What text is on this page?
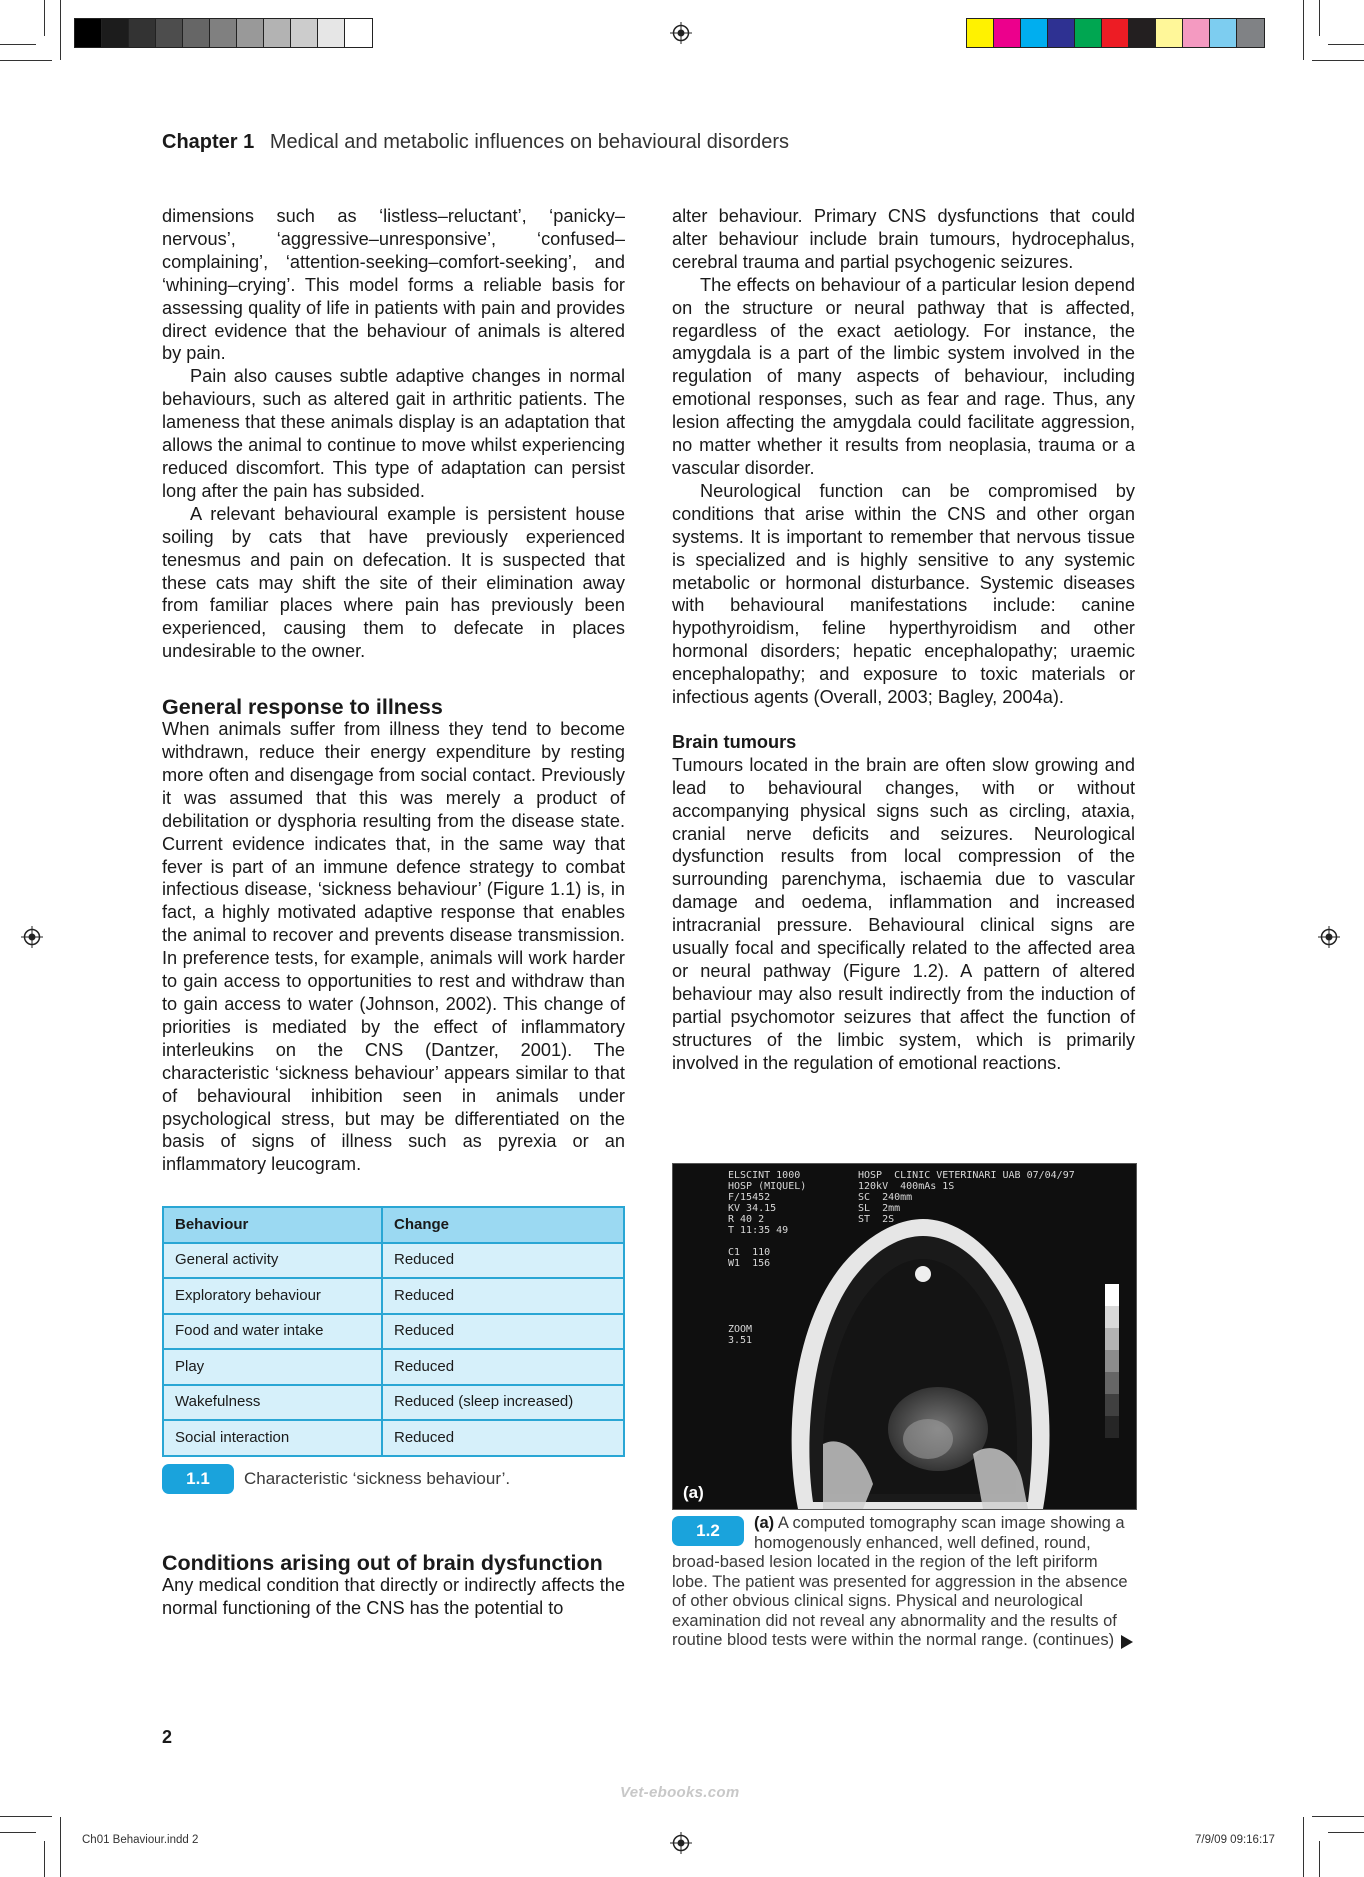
Chapter 1 Medical and metabolic influences on behavioural disorders

dimensions such as ‘listless–reluctant’, ‘panicky–nervous’, ‘aggressive–unresponsive’, ‘confused–complaining’, ‘attention-seeking–comfort-seeking’, and ‘whining–crying’. This model forms a reliable basis for assessing quality of life in patients with pain and provides direct evidence that the behaviour of animals is altered by pain.

Pain also causes subtle adaptive changes in normal behaviours, such as altered gait in arthritic patients. The lameness that these animals display is an adaptation that allows the animal to continue to move whilst experiencing reduced discomfort. This type of adaptation can persist long after the pain has subsided.

A relevant behavioural example is persistent house soiling by cats that have previously experienced tenesmus and pain on defecation. It is suspected that these cats may shift the site of their elimination away from familiar places where pain has previously been experienced, causing them to defecate in places undesirable to the owner.

General response to illness

When animals suffer from illness they tend to become withdrawn, reduce their energy expenditure by resting more often and disengage from social contact. Previously it was assumed that this was merely a product of debilitation or dysphoria resulting from the disease state. Current evidence indicates that, in the same way that fever is part of an immune defence strategy to combat infectious disease, ‘sickness behaviour’ (Figure 1.1) is, in fact, a highly motivated adaptive response that enables the animal to recover and prevents disease transmission. In preference tests, for example, animals will work harder to gain access to opportunities to rest and withdraw than to gain access to water (Johnson, 2002). This change of priorities is mediated by the effect of inflammatory interleukins on the CNS (Dantzer, 2001). The characteristic ‘sickness behaviour’ appears similar to that of behavioural inhibition seen in animals under psychological stress, but may be differentiated on the basis of signs of illness such as pyrexia or an inflammatory leucogram.

Behaviour	Change
General activity	Reduced
Exploratory behaviour	Reduced
Food and water intake	Reduced
Play	Reduced
Wakefulness	Reduced (sleep increased)
Social interaction	Reduced
1.1	Characteristic ‘sickness behaviour’.
Conditions arising out of brain dysfunction

Any medical condition that directly or indirectly affects the normal functioning of the CNS has the potential to

alter behaviour. Primary CNS dysfunctions that could alter behaviour include brain tumours, hydrocephalus, cerebral trauma and partial psychogenic seizures.

The effects on behaviour of a particular lesion depend on the structure or neural pathway that is affected, regardless of the exact aetiology. For instance, the amygdala is a part of the limbic system involved in the regulation of many aspects of behaviour, including emotional responses, such as fear and rage. Thus, any lesion affecting the amygdala could facilitate aggression, no matter whether it results from neoplasia, trauma or a vascular disorder.

Neurological function can be compromised by conditions that arise within the CNS and other organ systems. It is important to remember that nervous tissue is specialized and is highly sensitive to any systemic metabolic or hormonal disturbance. Systemic diseases with behavioural manifestations include: canine hypothyroidism, feline hyperthyroidism and other hormonal disorders; hepatic encephalopathy; uraemic encephalopathy; and exposure to toxic materials or infectious agents (Overall, 2003; Bagley, 2004a).

Brain tumours

Tumours located in the brain are often slow growing and lead to behavioural changes, with or without accompanying physical signs such as circling, ataxia, cranial nerve deficits and seizures. Neurological dysfunction results from local compression of the surrounding parenchyma, ischaemia due to vascular damage and oedema, inflammation and increased intracranial pressure. Behavioural clinical signs are usually focal and specifically related to the affected area or neural pathway (Figure 1.2). A pattern of altered behaviour may also result indirectly from the induction of partial psychomotor seizures that affect the function of structures of the limbic system, which is primarily involved in the regulation of emotional reactions.

ELSCINT 1000
HOSP (MIQUEL)
F/15452
KV 34.15
R 40 2
T 11:35 49

C1  110
W1  156

ZOOM
3.51
HOSP  CLINIC VETERINARI UAB 07/04/97
120kV  400mAs 1S
SC  240mm
SL  2mm
ST  2S
(a)
1.2	(a) A computed tomography scan image showing a homogenously enhanced, well defined, round, broad-based lesion located in the region of the left piriform lobe. The patient was presented for aggression in the absence of other obvious clinical signs. Physical and neurological examination did not reveal any abnormality and the results of routine blood tests were within the normal range. (continues)
2
Vet-ebooks.com
Ch01 Behaviour.indd 2	7/9/09 09:16:17
